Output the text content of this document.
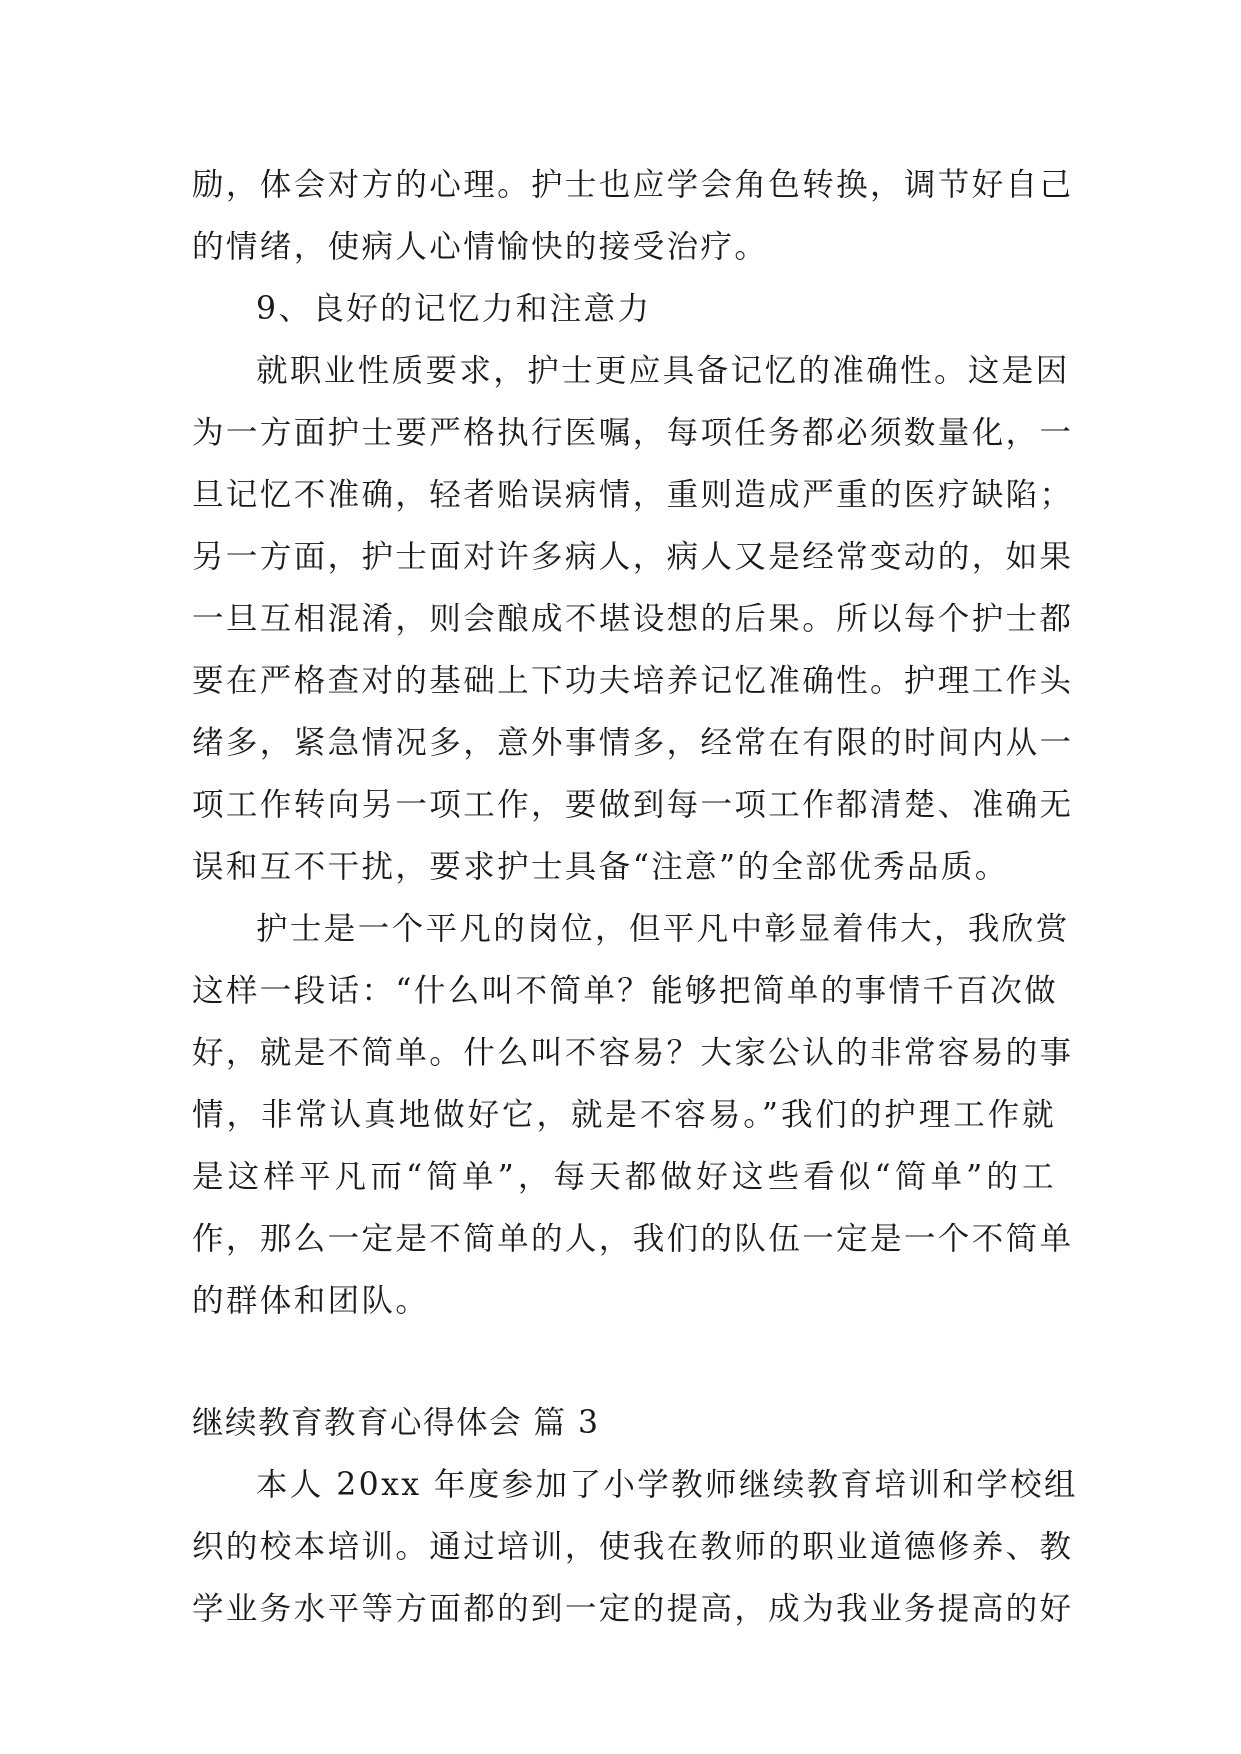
励，体会对方的心理。护士也应学会角色转换，调节好自己
的情绪，使病人心情愉快的接受治疗。
9、良好的记忆力和注意力
就职业性质要求，护士更应具备记忆的准确性。这是因
为一方面护士要严格执行医嘱，每项任务都必须数量化，一
旦记忆不准确，轻者贻误病情，重则造成严重的医疗缺陷；
另一方面，护士面对许多病人，病人又是经常变动的，如果
一旦互相混淆，则会酿成不堪设想的后果。所以每个护士都
要在严格查对的基础上下功夫培养记忆准确性。护理工作头
绪多，紧急情况多，意外事情多，经常在有限的时间内从一
项工作转向另一项工作，要做到每一项工作都清楚、准确无
误和互不干扰，要求护士具备“注意”的全部优秀品质。
护士是一个平凡的岗位，但平凡中彰显着伟大，我欣赏
这样一段话：“什么叫不简单？能够把简单的事情千百次做
好，就是不简单。什么叫不容易？大家公认的非常容易的事
情，非常认真地做好它，就是不容易。”我们的护理工作就
是这样平凡而“简单”，每天都做好这些看似“简单”的工
作，那么一定是不简单的人，我们的队伍一定是一个不简单
的群体和团队。
继续教育教育心得体会 篇 3
本人 20xx 年度参加了小学教师继续教育培训和学校组
织的校本培训。通过培训，使我在教师的职业道德修养、教
学业务水平等方面都的到一定的提高，成为我业务提高的好
